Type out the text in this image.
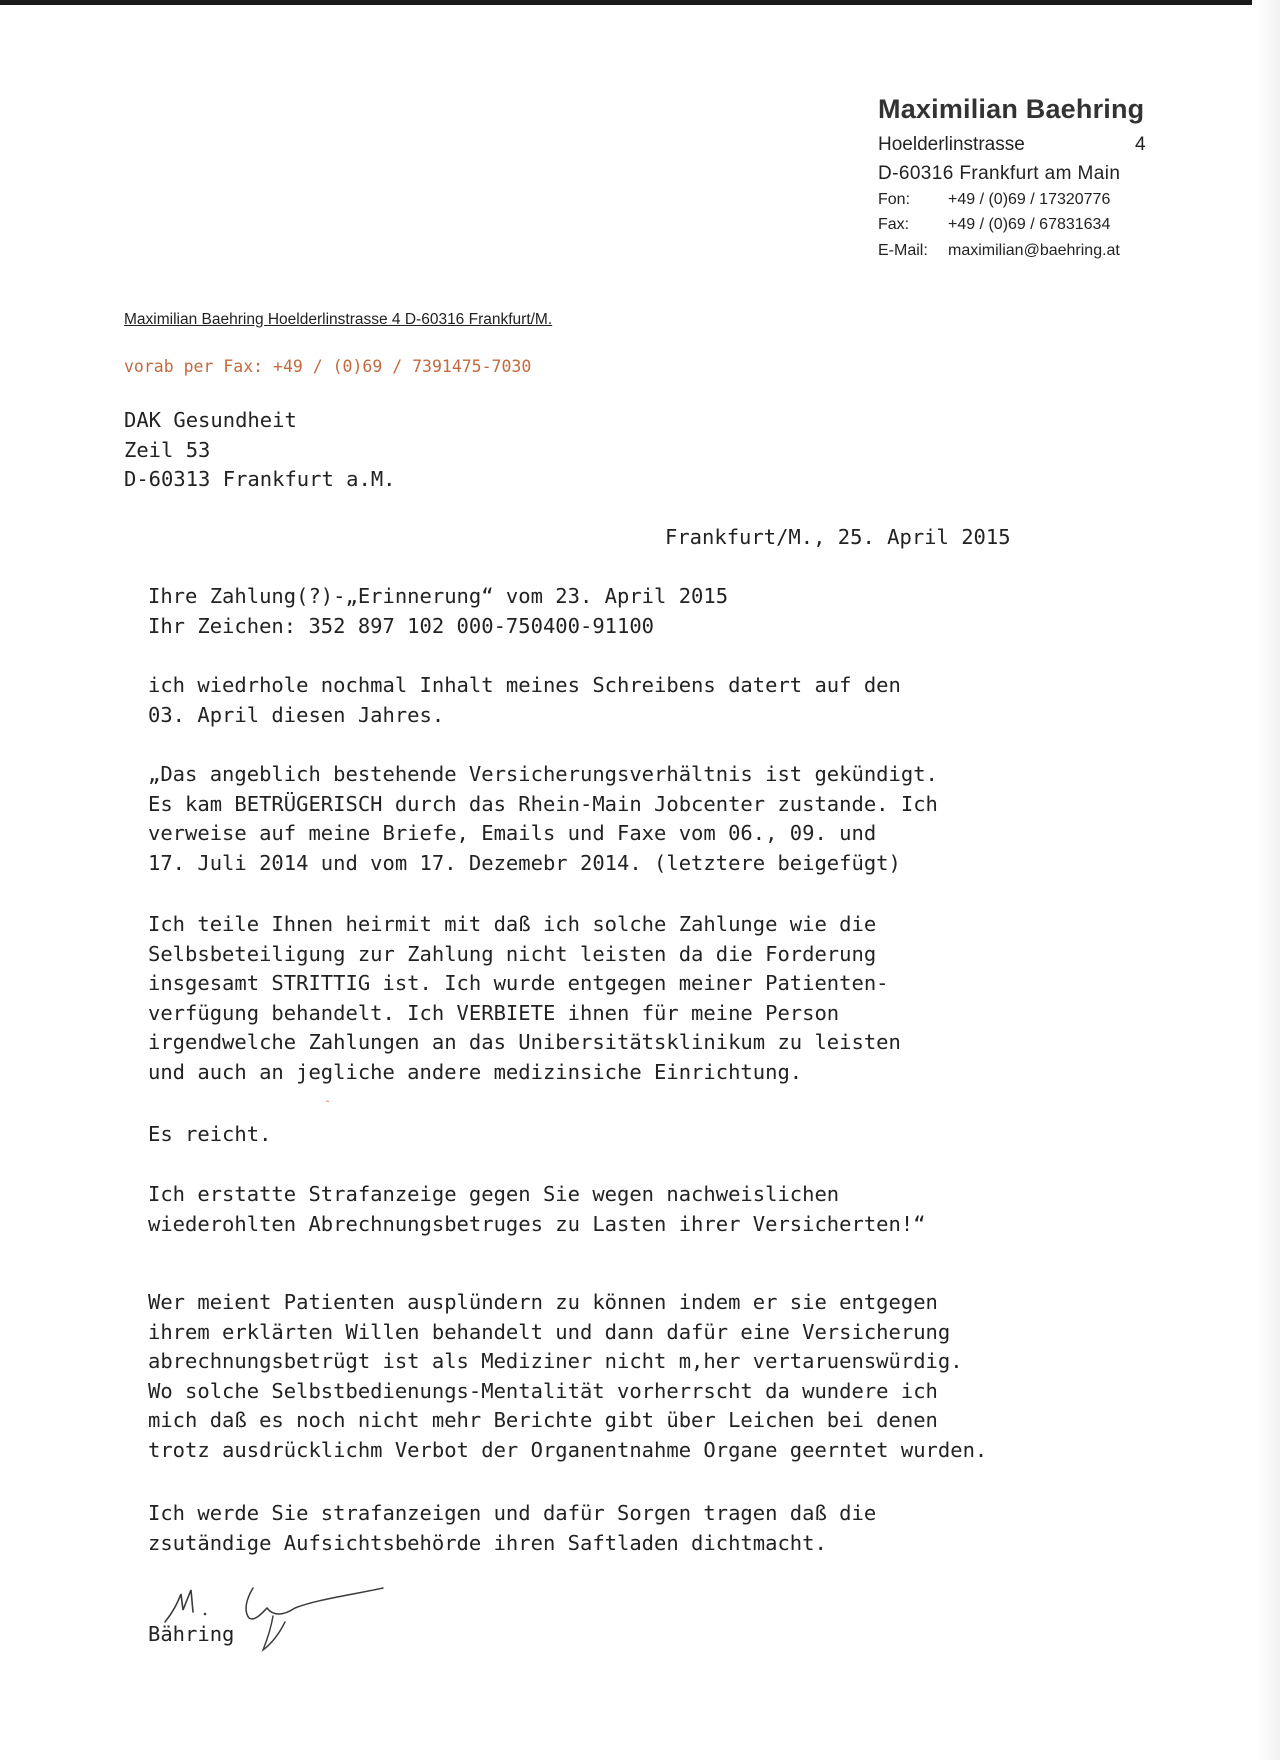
Maximilian Baehring
Hoelderlinstrasse	4
D-60316 Frankfurt am Main
Fon: +49 / (0)69 / 17320776
Fax: +49 / (0)69 / 67831634
E-Mail: maximilian@baehring.at
Maximilian Baehring Hoelderlinstrasse 4 D-60316 Frankfurt/M.
vorab per Fax: +49 / (0)69 / 7391475-7030
DAK Gesundheit
Zeil 53
D-60313 Frankfurt a.M.
Frankfurt/M., 25. April 2015
Ihre Zahlung(?)-„Erinnerung“ vom 23. April 2015
Ihr Zeichen: 352 897 102 000-750400-91100
ich wiedrhole nochmal Inhalt meines Schreibens datert auf den
03. April diesen Jahres.
„Das angeblich bestehende Versicherungsverhältnis ist gekündigt.
Es kam BETRÜGERISCH durch das Rhein-Main Jobcenter zustande. Ich
verweise auf meine Briefe, Emails und Faxe vom 06., 09. und
17. Juli 2014 und vom 17. Dezemebr 2014. (letztere beigefügt)
Ich teile Ihnen heirmit mit daß ich solche Zahlunge wie die
Selbsbeteiligung zur Zahlung nicht leisten da die Forderung
insgesamt STRITTIG ist. Ich wurde entgegen meiner Patienten-
verfügung behandelt. Ich VERBIETE ihnen für meine Person
irgendwelche Zahlungen an das Unibersitätsklinikum zu leisten
und auch an jegliche andere medizinsiche Einrichtung.
Es reicht.
Ich erstatte Strafanzeige gegen Sie wegen nachweislichen
wiederohlten Abrechnungsbetruges zu Lasten ihrer Versicherten!“
Wer meient Patienten ausplündern zu können indem er sie entgegen
ihrem erklärten Willen behandelt und dann dafür eine Versicherung
abrechnungsbetrügt ist als Mediziner nicht m,her vertaruenswürdig.
Wo solche Selbstbedienungs-Mentalität vorherrscht da wundere ich
mich daß es noch nicht mehr Berichte gibt über Leichen bei denen
trotz ausdrücklichm Verbot der Organentnahme Organe geerntet wurden.
Ich werde Sie strafanzeigen und dafür Sorgen tragen daß die
zsutändige Aufsichtsbehörde ihren Saftladen dichtmacht.
ˆ
Bähring
